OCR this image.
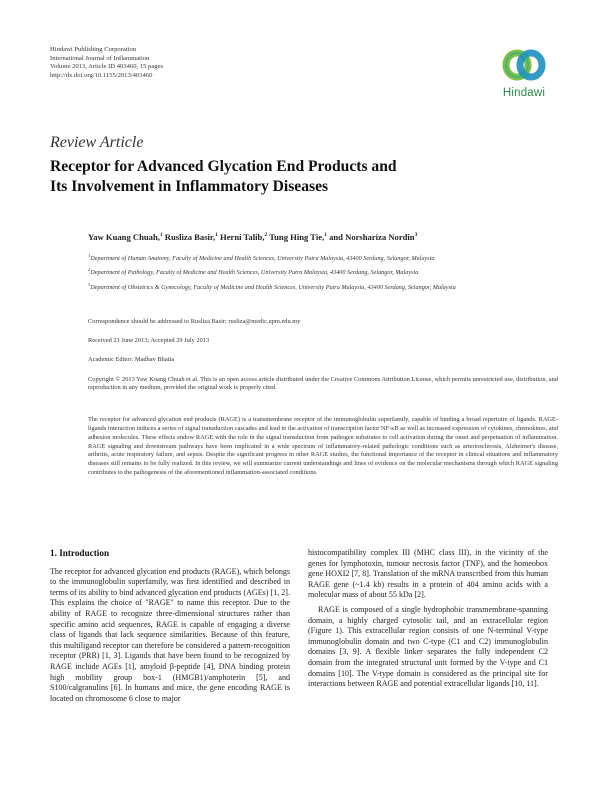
Hindawi Publishing Corporation
International Journal of Inflammation
Volume 2013, Article ID 403460, 15 pages
http://dx.doi.org/10.1155/2013/403460
Hindawi
Review Article
Receptor for Advanced Glycation End Products and
Its Involvement in Inflammatory Diseases
Yaw Kuang Chuah,$^1$ Rusliza Basir,$^1$ Herni Talib,$^2$ Tung Hing Tie,$^1$ and Norshariza Nordin$^3$
$^1$Department of Human Anatomy, Faculty of Medicine and Health Sciences, University Putra Malaysia, 43400 Serdang, Selangor, Malaysia
$^2$Department of Pathology, Faculty of Medicine and Health Sciences, University Putra Malaysia, 43400 Serdang, Selangor, Malaysia
$^3$Department of Obstetrics & Gynecology, Faculty of Medicine and Health Sciences, University Putra Malaysia, 43400 Serdang, Selangor, Malaysia
Correspondence should be addressed to Rusliza Basir; rusliza@medic.upm.edu.my
Received 21 June 2013; Accepted 29 July 2013
Academic Editor: Madhav Bhatia
Copyright © 2013 Yaw Kuang Chuah et al. This is an open access article distributed under the Creative Commons Attribution License, which permits unrestricted use, distribution, and reproduction in any medium, provided the original work is properly cited.
The receptor for advanced glycation end products (RAGE) is a transmembrane receptor of the immunoglobulin superfamily, capable of binding a broad repertoire of ligands. RAGE-ligands interaction induces a series of signal transduction cascades and lead to the activation of transcription factor NF-κB as well as increased expression of cytokines, chemokines, and adhesion molecules. These effects endow RAGE with the role in the signal transduction from pathogen substrates to cell activation during the onset and perpetuation of inflammation. RAGE signaling and downstream pathways have been implicated in a wide spectrum of inflammatory-related pathologic conditions such as arteriosclerosis, Alzheimer's disease, arthritis, acute respiratory failure, and sepsis. Despite the significant progress in other RAGE studies, the functional importance of the receptor in clinical situations and inflammatory diseases still remains to be fully realized. In this review, we will summarize current understandings and lines of evidence on the molecular mechanisms through which RAGE signaling contributes to the pathogenesis of the aforementioned inflammation-associated conditions.
1. Introduction

The receptor for advanced glycation end products (RAGE), which belongs to the immunoglobulin superfamily, was first identified and described in terms of its ability to bind advanced glycation end products (AGEs) [1, 2]. This explains the choice of "RAGE" to name this receptor. Due to the ability of RAGE to recognize three-dimensional structures rather than specific amino acid sequences, RAGE is capable of engaging a diverse class of ligands that lack sequence similarities. Because of this feature, this multiligand receptor can therefore be considered a pattern-recognition receptor (PRR) [1, 3]. Ligands that have been found to be recognized by RAGE include AGEs [1], amyloid β-peptide [4], DNA binding protein high mobility group box-1 (HMGB1)/amphoterin [5], and S100/calgranulins [6]. In humans and mice, the gene encoding RAGE is located on chromosome 6 close to major

histocompatibility complex III (MHC class III), in the vicinity of the genes for lymphotoxin, tumour necrosis factor (TNF), and the homeobox gene HOXI2 [7, 8]. Translation of the mRNA transcribed from this human RAGE gene (~1.4 kb) results in a protein of 404 amino acids with a molecular mass of about 55 kDa [2].

RAGE is composed of a single hydrophobic transmembrane-spanning domain, a highly charged cytosolic tail, and an extracellular region (Figure 1). This extracellular region consists of one N-terminal V-type immunoglobulin domain and two C-type (C1 and C2) immunoglobulin domains [3, 9]. A flexible linker separates the fully independent C2 domain from the integrated structural unit formed by the V-type and C1 domains [10]. The V-type domain is considered as the principal site for interactions between RAGE and potential extracellular ligands [10, 11].
